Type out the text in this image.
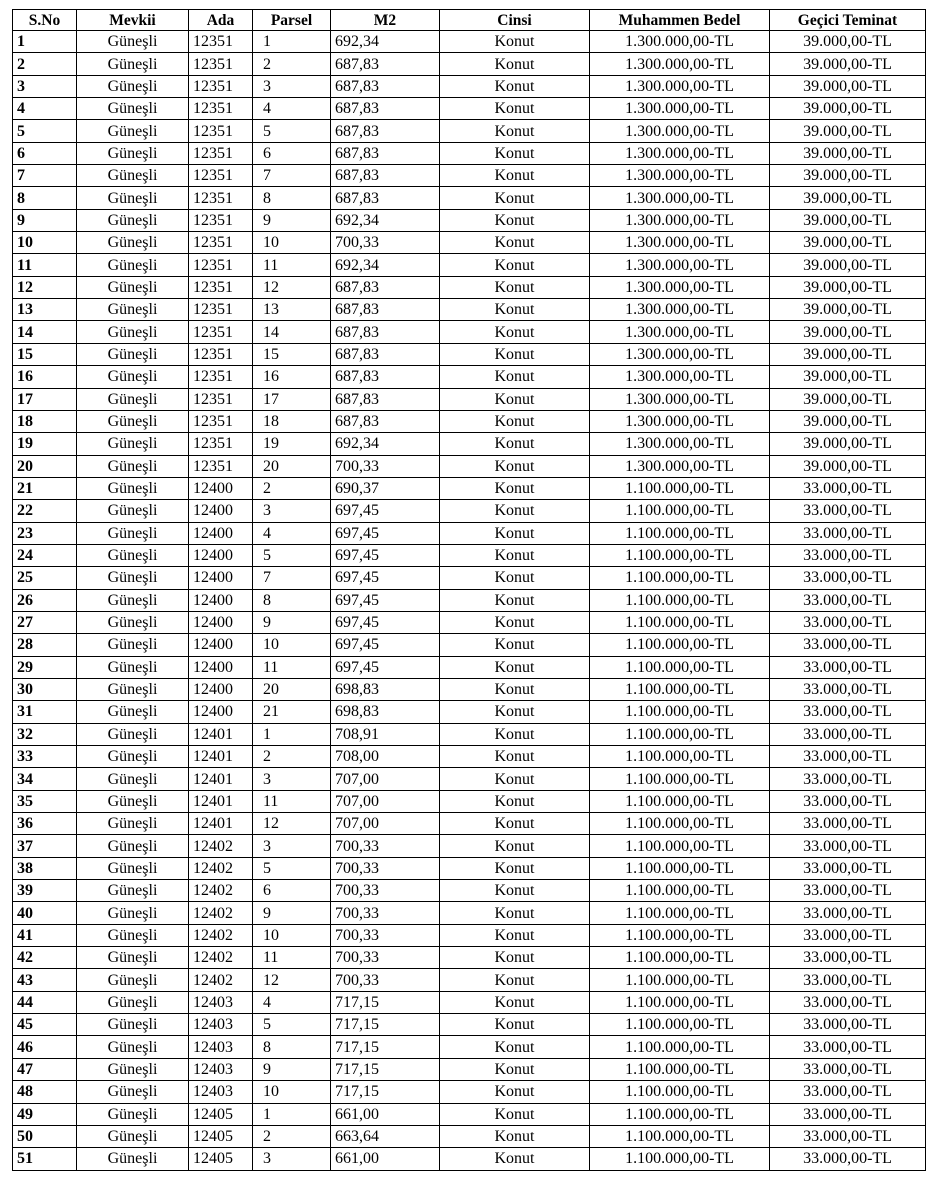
S.No	Mevkii	Ada	Parsel	M2	Cinsi	Muhammen Bedel	Geçici Teminat
1	Güneşli	12351	1	692,34	Konut	1.300.000,00-TL	39.000,00-TL
2	Güneşli	12351	2	687,83	Konut	1.300.000,00-TL	39.000,00-TL
3	Güneşli	12351	3	687,83	Konut	1.300.000,00-TL	39.000,00-TL
4	Güneşli	12351	4	687,83	Konut	1.300.000,00-TL	39.000,00-TL
5	Güneşli	12351	5	687,83	Konut	1.300.000,00-TL	39.000,00-TL
6	Güneşli	12351	6	687,83	Konut	1.300.000,00-TL	39.000,00-TL
7	Güneşli	12351	7	687,83	Konut	1.300.000,00-TL	39.000,00-TL
8	Güneşli	12351	8	687,83	Konut	1.300.000,00-TL	39.000,00-TL
9	Güneşli	12351	9	692,34	Konut	1.300.000,00-TL	39.000,00-TL
10	Güneşli	12351	10	700,33	Konut	1.300.000,00-TL	39.000,00-TL
11	Güneşli	12351	11	692,34	Konut	1.300.000,00-TL	39.000,00-TL
12	Güneşli	12351	12	687,83	Konut	1.300.000,00-TL	39.000,00-TL
13	Güneşli	12351	13	687,83	Konut	1.300.000,00-TL	39.000,00-TL
14	Güneşli	12351	14	687,83	Konut	1.300.000,00-TL	39.000,00-TL
15	Güneşli	12351	15	687,83	Konut	1.300.000,00-TL	39.000,00-TL
16	Güneşli	12351	16	687,83	Konut	1.300.000,00-TL	39.000,00-TL
17	Güneşli	12351	17	687,83	Konut	1.300.000,00-TL	39.000,00-TL
18	Güneşli	12351	18	687,83	Konut	1.300.000,00-TL	39.000,00-TL
19	Güneşli	12351	19	692,34	Konut	1.300.000,00-TL	39.000,00-TL
20	Güneşli	12351	20	700,33	Konut	1.300.000,00-TL	39.000,00-TL
21	Güneşli	12400	2	690,37	Konut	1.100.000,00-TL	33.000,00-TL
22	Güneşli	12400	3	697,45	Konut	1.100.000,00-TL	33.000,00-TL
23	Güneşli	12400	4	697,45	Konut	1.100.000,00-TL	33.000,00-TL
24	Güneşli	12400	5	697,45	Konut	1.100.000,00-TL	33.000,00-TL
25	Güneşli	12400	7	697,45	Konut	1.100.000,00-TL	33.000,00-TL
26	Güneşli	12400	8	697,45	Konut	1.100.000,00-TL	33.000,00-TL
27	Güneşli	12400	9	697,45	Konut	1.100.000,00-TL	33.000,00-TL
28	Güneşli	12400	10	697,45	Konut	1.100.000,00-TL	33.000,00-TL
29	Güneşli	12400	11	697,45	Konut	1.100.000,00-TL	33.000,00-TL
30	Güneşli	12400	20	698,83	Konut	1.100.000,00-TL	33.000,00-TL
31	Güneşli	12400	21	698,83	Konut	1.100.000,00-TL	33.000,00-TL
32	Güneşli	12401	1	708,91	Konut	1.100.000,00-TL	33.000,00-TL
33	Güneşli	12401	2	708,00	Konut	1.100.000,00-TL	33.000,00-TL
34	Güneşli	12401	3	707,00	Konut	1.100.000,00-TL	33.000,00-TL
35	Güneşli	12401	11	707,00	Konut	1.100.000,00-TL	33.000,00-TL
36	Güneşli	12401	12	707,00	Konut	1.100.000,00-TL	33.000,00-TL
37	Güneşli	12402	3	700,33	Konut	1.100.000,00-TL	33.000,00-TL
38	Güneşli	12402	5	700,33	Konut	1.100.000,00-TL	33.000,00-TL
39	Güneşli	12402	6	700,33	Konut	1.100.000,00-TL	33.000,00-TL
40	Güneşli	12402	9	700,33	Konut	1.100.000,00-TL	33.000,00-TL
41	Güneşli	12402	10	700,33	Konut	1.100.000,00-TL	33.000,00-TL
42	Güneşli	12402	11	700,33	Konut	1.100.000,00-TL	33.000,00-TL
43	Güneşli	12402	12	700,33	Konut	1.100.000,00-TL	33.000,00-TL
44	Güneşli	12403	4	717,15	Konut	1.100.000,00-TL	33.000,00-TL
45	Güneşli	12403	5	717,15	Konut	1.100.000,00-TL	33.000,00-TL
46	Güneşli	12403	8	717,15	Konut	1.100.000,00-TL	33.000,00-TL
47	Güneşli	12403	9	717,15	Konut	1.100.000,00-TL	33.000,00-TL
48	Güneşli	12403	10	717,15	Konut	1.100.000,00-TL	33.000,00-TL
49	Güneşli	12405	1	661,00	Konut	1.100.000,00-TL	33.000,00-TL
50	Güneşli	12405	2	663,64	Konut	1.100.000,00-TL	33.000,00-TL
51	Güneşli	12405	3	661,00	Konut	1.100.000,00-TL	33.000,00-TL
